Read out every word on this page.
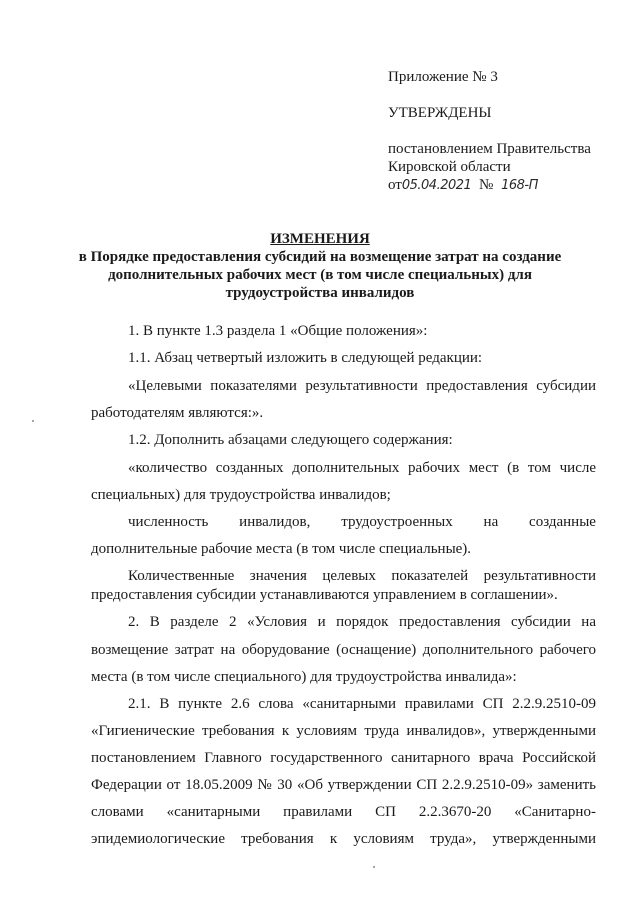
Приложение № 3
УТВЕРЖДЕНЫ
постановлением Правительства
Кировской области
от05.04.2021 № 168-П
ИЗМЕНЕНИЯ
в Порядке предоставления субсидий на возмещение затрат на создание
дополнительных рабочих мест (в том числе специальных) для
трудоустройства инвалидов
1. В пункте 1.3 раздела 1 «Общие положения»:
1.1. Абзац четвертый изложить в следующей редакции:
«Целевыми показателями результативности предоставления субсидии
работодателям являются:».
1.2. Дополнить абзацами следующего содержания:
«количество созданных дополнительных рабочих мест (в том числе
специальных) для трудоустройства инвалидов;
численность инвалидов, трудоустроенных на созданные
дополнительные рабочие места (в том числе специальные).
Количественные значения целевых показателей результативности
предоставления субсидии устанавливаются управлением в соглашении».
2. В разделе 2 «Условия и порядок предоставления субсидии на
возмещение затрат на оборудование (оснащение) дополнительного рабочего
места (в том числе специального) для трудоустройства инвалида»:
2.1. В пункте 2.6 слова «санитарными правилами СП 2.2.9.2510-09
«Гигиенические требования к условиям труда инвалидов», утвержденными
постановлением Главного государственного санитарного врача Российской
Федерации от 18.05.2009 № 30 «Об утверждении СП 2.2.9.2510-09» заменить
словами «санитарными правилами СП 2.2.3670-20 «Санитарно-
эпидемиологические требования к условиям труда», утвержденными
